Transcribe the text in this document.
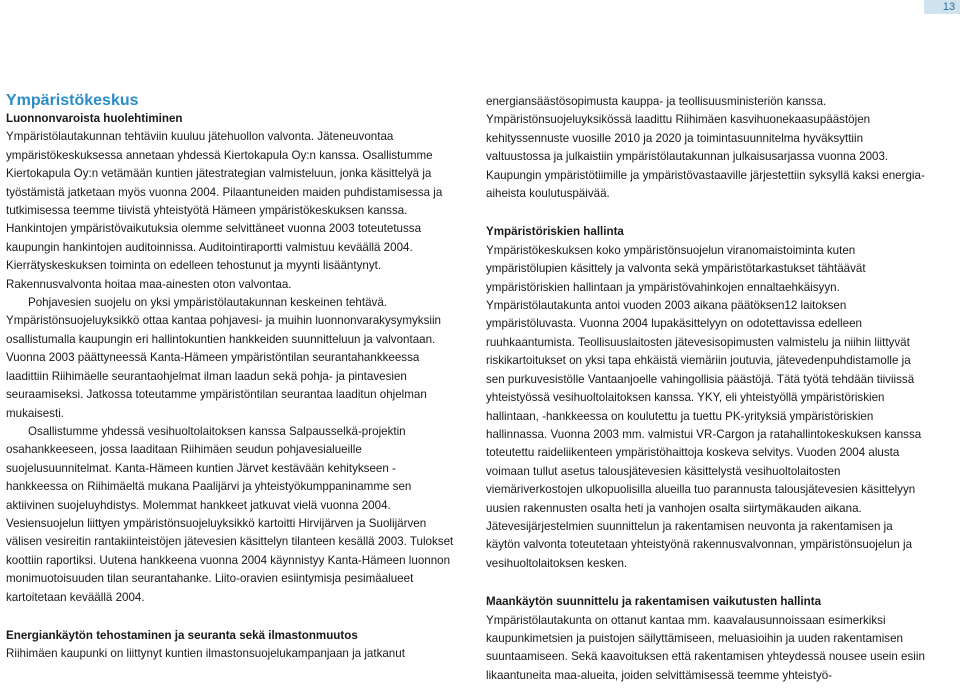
13
Ympäristökeskus

Luonnonvaroista huolehtiminen

Ympäristölautakunnan tehtäviin kuuluu jätehuollon valvonta. Jäteneuvontaa ympäristökeskuksessa annetaan yhdessä Kiertokapula Oy:n kanssa. Osallistumme Kiertokapula Oy:n vetämään kuntien jätestrategian valmisteluun, jonka käsittelyä ja työstämistä jatketaan myös vuonna 2004. Pilaantuneiden maiden puhdistamisessa ja tutkimisessa teemme tiivistä yhteistyötä Hämeen ympäristökeskuksen kanssa. Hankintojen ympäristövaikutuksia olemme selvittäneet vuonna 2003 toteutetussa kaupungin hankintojen auditoinnissa. Auditointiraportti valmistuu keväällä 2004. Kierrätyskeskuksen toiminta on edelleen tehostunut ja myynti lisääntynyt. Rakennusvalvonta hoitaa maa-ainesten oton valvontaa.

Pohjavesien suojelu on yksi ympäristölautakunnan keskeinen tehtävä. Ympäristönsuojeluyksikkö ottaa kantaa pohjavesi- ja muihin luonnonvarakysymyksiin osallistumalla kaupungin eri hallintokuntien hankkeiden suunnitteluun ja valvontaan. Vuonna 2003 päättyneessä Kanta-Hämeen ympäristöntilan seurantahankkeessa laadittiin Riihimäelle seurantaohjelmat ilman laadun sekä pohja- ja pintavesien seuraamiseksi. Jatkossa toteutamme ympäristöntilan seurantaa laaditun ohjelman mukaisesti.

Osallistumme yhdessä vesihuoltolaitoksen kanssa Salpausselkä-projektin osahankkeeseen, jossa laaditaan Riihimäen seudun pohjavesialueille suojelusuunnitelmat. Kanta-Hämeen kuntien Järvet kestävään kehitykseen -hankkeessa on Riihimäeltä mukana Paalijärvi ja yhteistyökumppaninamme sen aktiivinen suojeluyhdistys. Molemmat hankkeet jatkuvat vielä vuonna 2004. Vesiensuojelun liittyen ympäristönsuojeluyksikkö kartoitti Hirvijärven ja Suolijärven välisen vesireitin rantakiinteistöjen jätevesien käsittelyn tilanteen kesällä 2003. Tulokset koottiin raportiksi. Uutena hankkeena vuonna 2004 käynnistyy Kanta-Hämeen luonnon monimuotoisuuden tilan seurantahanke. Liito-oravien esiintymisja pesimäalueet kartoitetaan keväällä 2004.

Energiankäytön tehostaminen ja seuranta sekä ilmastonmuutos

Riihimäen kaupunki on liittynyt kuntien ilmastonsuojelukampanjaan ja jatkanut

energiansäästösopimusta kauppa- ja teollisuusministeriön kanssa. Ympäristönsuojeluyksikössä laadittu Riihimäen kasvihuonekaasupäästöjen kehityssennuste vuosille 2010 ja 2020 ja toimintasuunnitelma hyväksyttiin valtuustossa ja julkaistiin ympäristölautakunnan julkaisusarjassa vuonna 2003. Kaupungin ympäristötiimille ja ympäristövastaaville järjestettiin syksyllä kaksi energia-aiheista koulutuspäivää.

Ympäristöriskien hallinta

Ympäristökeskuksen koko ympäristönsuojelun viranomaistoiminta kuten ympäristölupien käsittely ja valvonta sekä ympäristötarkastukset tähtäävät ympäristöriskien hallintaan ja ympäristövahinkojen ennaltaehkäisyyn. Ympäristölautakunta antoi vuoden 2003 aikana päätöksen12 laitoksen ympäristöluvasta. Vuonna 2004 lupakäsittelyyn on odotettavissa edelleen ruuhkaantumista. Teollisuuslaitosten jätevesisopimusten valmistelu ja niihin liittyvät riskikartoitukset on yksi tapa ehkäistä viemäriin joutuvia, jätevedenpuhdistamolle ja sen purkuvesistölle Vantaanjoelle vahingollisia päästöjä. Tätä työtä tehdään tiiviissä yhteistyössä vesihuoltolaitoksen kanssa. YKY, eli yhteistyöllä ympäristöriskien hallintaan, -hankkeessa on koulutettu ja tuettu PK-yrityksiä ympäristöriskien hallinnassa. Vuonna 2003 mm. valmistui VR-Cargon ja ratahallintokeskuksen kanssa toteutettu raideliikenteen ympäristöhaittoja koskeva selvitys. Vuoden 2004 alusta voimaan tullut asetus talousjätevesien käsittelystä vesihuoltolaitosten viemäriverkostojen ulkopuolisilla alueilla tuo parannusta talousjätevesien käsittelyyn uusien rakennusten osalta heti ja vanhojen osalta siirtymäkauden aikana. Jätevesijärjestelmien suunnittelun ja rakentamisen neuvonta ja rakentamisen ja käytön valvonta toteutetaan yhteistyönä rakennusvalvonnan, ympäristönsuojelun ja vesihuoltolaitoksen kesken.

Maankäytön suunnittelu ja rakentamisen vaikutusten hallinta

Ympäristölautakunta on ottanut kantaa mm. kaavalausunnoissaan esimerkiksi kaupunkimetsien ja puistojen säilyttämiseen, meluasioihin ja uuden rakentamisen suuntaamiseen. Sekä kaavoituksen että rakentamisen yhteydessä nousee usein esiin likaantuneita maa-alueita, joiden selvittämisessä teemme yhteistyö-
